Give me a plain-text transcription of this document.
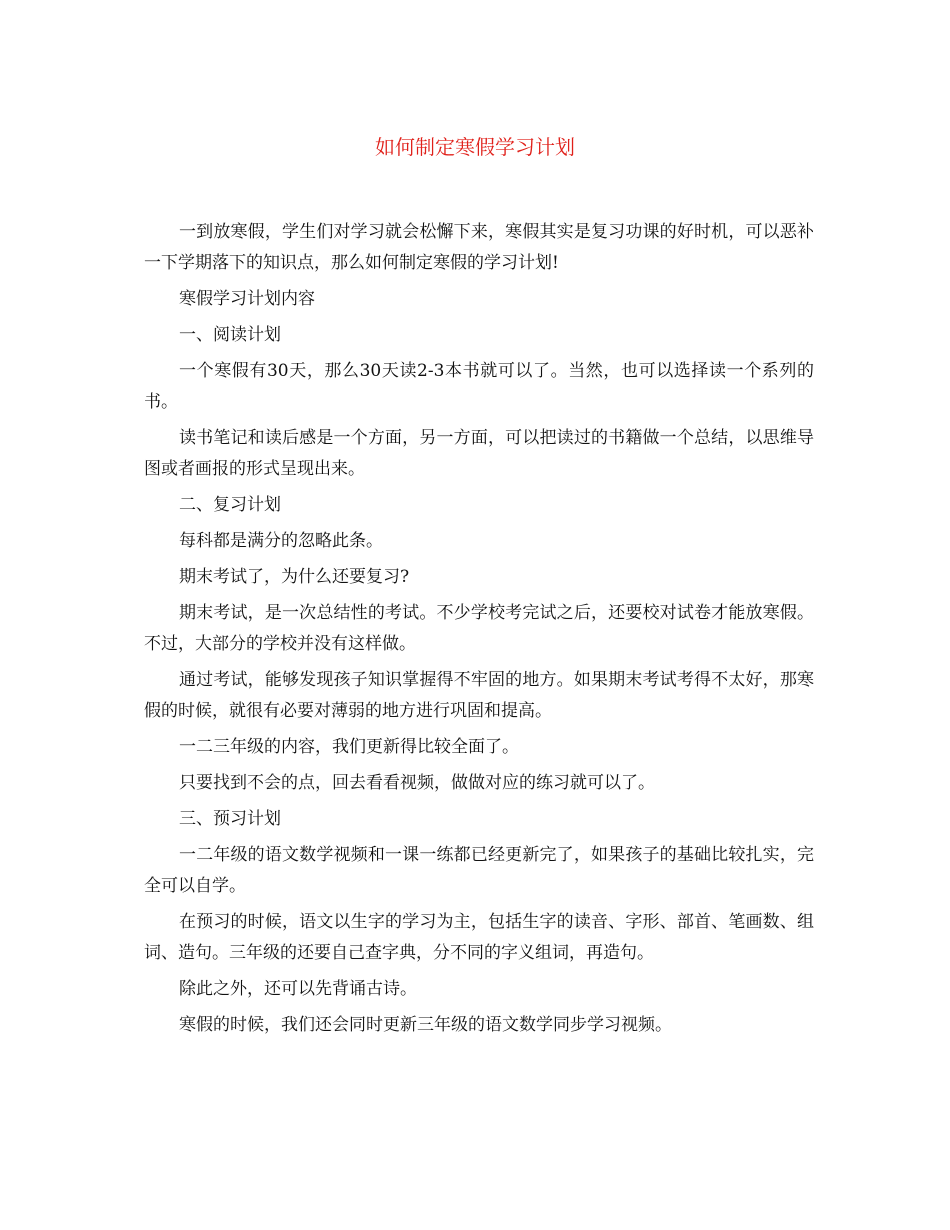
如何制定寒假学习计划

一到放寒假，学生们对学习就会松懈下来，寒假其实是复习功课的好时机，可以恶补一下学期落下的知识点，那么如何制定寒假的学习计划!

寒假学习计划内容

一、阅读计划

一个寒假有30天，那么30天读2-3本书就可以了。当然，也可以选择读一个系列的书。

读书笔记和读后感是一个方面，另一方面，可以把读过的书籍做一个总结，以思维导图或者画报的形式呈现出来。

二、复习计划

每科都是满分的忽略此条。

期末考试了，为什么还要复习?

期末考试，是一次总结性的考试。不少学校考完试之后，还要校对试卷才能放寒假。不过，大部分的学校并没有这样做。

通过考试，能够发现孩子知识掌握得不牢固的地方。如果期末考试考得不太好，那寒假的时候，就很有必要对薄弱的地方进行巩固和提高。

一二三年级的内容，我们更新得比较全面了。

只要找到不会的点，回去看看视频，做做对应的练习就可以了。

三、预习计划

一二年级的语文数学视频和一课一练都已经更新完了，如果孩子的基础比较扎实，完全可以自学。

在预习的时候，语文以生字的学习为主，包括生字的读音、字形、部首、笔画数、组词、造句。三年级的还要自己查字典，分不同的字义组词，再造句。

除此之外，还可以先背诵古诗。

寒假的时候，我们还会同时更新三年级的语文数学同步学习视频。
